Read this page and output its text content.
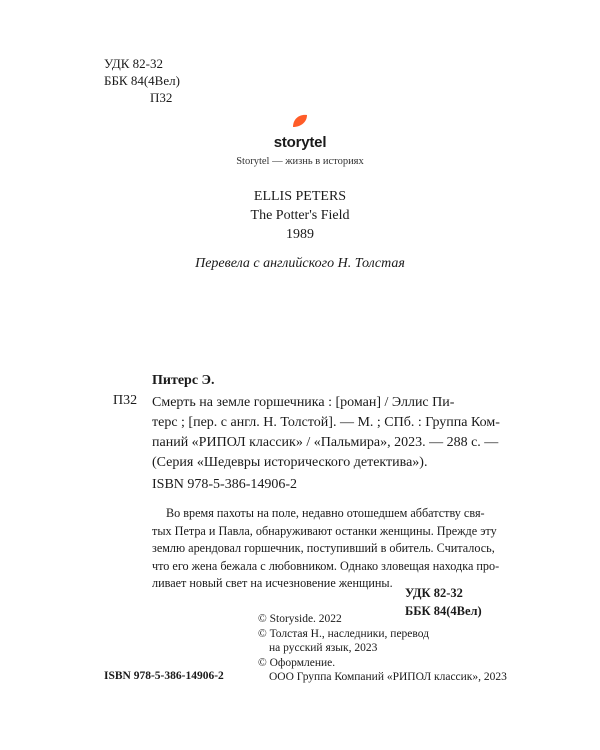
УДК 82-32
ББК 84(4Вел)
П32
storytel
Storytel — жизнь в историях
ELLIS PETERS
The Potter's Field
1989
Перевела с английского Н. Толстая
Питерс Э.
П32 Смерть на земле горшечника : [роман] / Эллис Пи-
терс ; [пер. с англ. Н. Толстой]. — М. ; СПб. : Группа Ком-
паний «РИПОЛ классик» / «Пальмира», 2023. — 288 с. —
(Серия «Шедевры исторического детектива»).
ISBN 978-5-386-14906-2
Во время пахоты на поле, недавно отошедшем аббатству свя-
тых Петра и Павла, обнаруживают останки женщины. Прежде эту
землю арендовал горшечник, поступивший в обитель. Считалось,
что его жена бежала с любовником. Однако зловещая находка про-
ливает новый свет на исчезновение женщины.
УДК 82-32
ББК 84(4Вел)
© Storyside. 2022
© Толстая Н., наследники, перевод
на русский язык, 2023
© Оформление.
ООО Группа Компаний «РИПОЛ классик», 2023
ISBN 978-5-386-14906-2
